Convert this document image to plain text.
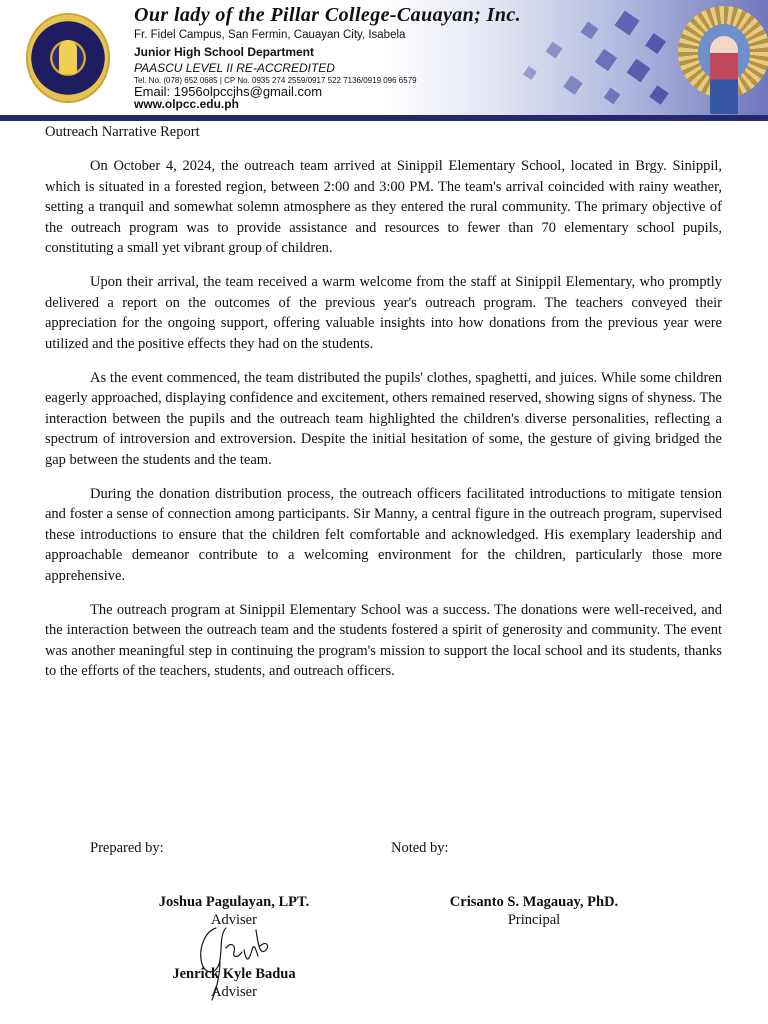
Our lady of the Pillar College-Cauayan; Inc.
Fr. Fidel Campus, San Fermin, Cauayan City, Isabela
Junior High School Department
PAASCU LEVEL II RE-ACCREDITED
Tel. No. (078) 652 0685 | CP No. 0935 274 2559/0917 522 7136/0919 096 6579
Email: 1956olpccjhs@gmail.com
www.olpcc.edu.ph
Outreach Narrative Report

On October 4, 2024, the outreach team arrived at Sinippil Elementary School, located in Brgy. Sinippil, which is situated in a forested region, between 2:00 and 3:00 PM. The team's arrival coincided with rainy weather, setting a tranquil and somewhat solemn atmosphere as they entered the rural community. The primary objective of the outreach program was to provide assistance and resources to fewer than 70 elementary school pupils, constituting a small yet vibrant group of children.

Upon their arrival, the team received a warm welcome from the staff at Sinippil Elementary, who promptly delivered a report on the outcomes of the previous year's outreach program. The teachers conveyed their appreciation for the ongoing support, offering valuable insights into how donations from the previous year were utilized and the positive effects they had on the students.

As the event commenced, the team distributed the pupils' clothes, spaghetti, and juices. While some children eagerly approached, displaying confidence and excitement, others remained reserved, showing signs of shyness. The interaction between the pupils and the outreach team highlighted the children's diverse personalities, reflecting a spectrum of introversion and extroversion. Despite the initial hesitation of some, the gesture of giving bridged the gap between the students and the team.

During the donation distribution process, the outreach officers facilitated introductions to mitigate tension and foster a sense of connection among participants. Sir Manny, a central figure in the outreach program, supervised these introductions to ensure that the children felt comfortable and acknowledged. His exemplary leadership and approachable demeanor contribute to a welcoming environment for the children, particularly those more apprehensive.

The outreach program at Sinippil Elementary School was a success. The donations were well-received, and the interaction between the outreach team and the students fostered a spirit of generosity and community. The event was another meaningful step in continuing the program's mission to support the local school and its students, thanks to the efforts of the teachers, students, and outreach officers.

Prepared by:	Noted by:
Joshua Pagulayan, LPT.
Adviser
Crisanto S. Magauay, PhD.
Principal
Jenrick Kyle Badua
Adviser
